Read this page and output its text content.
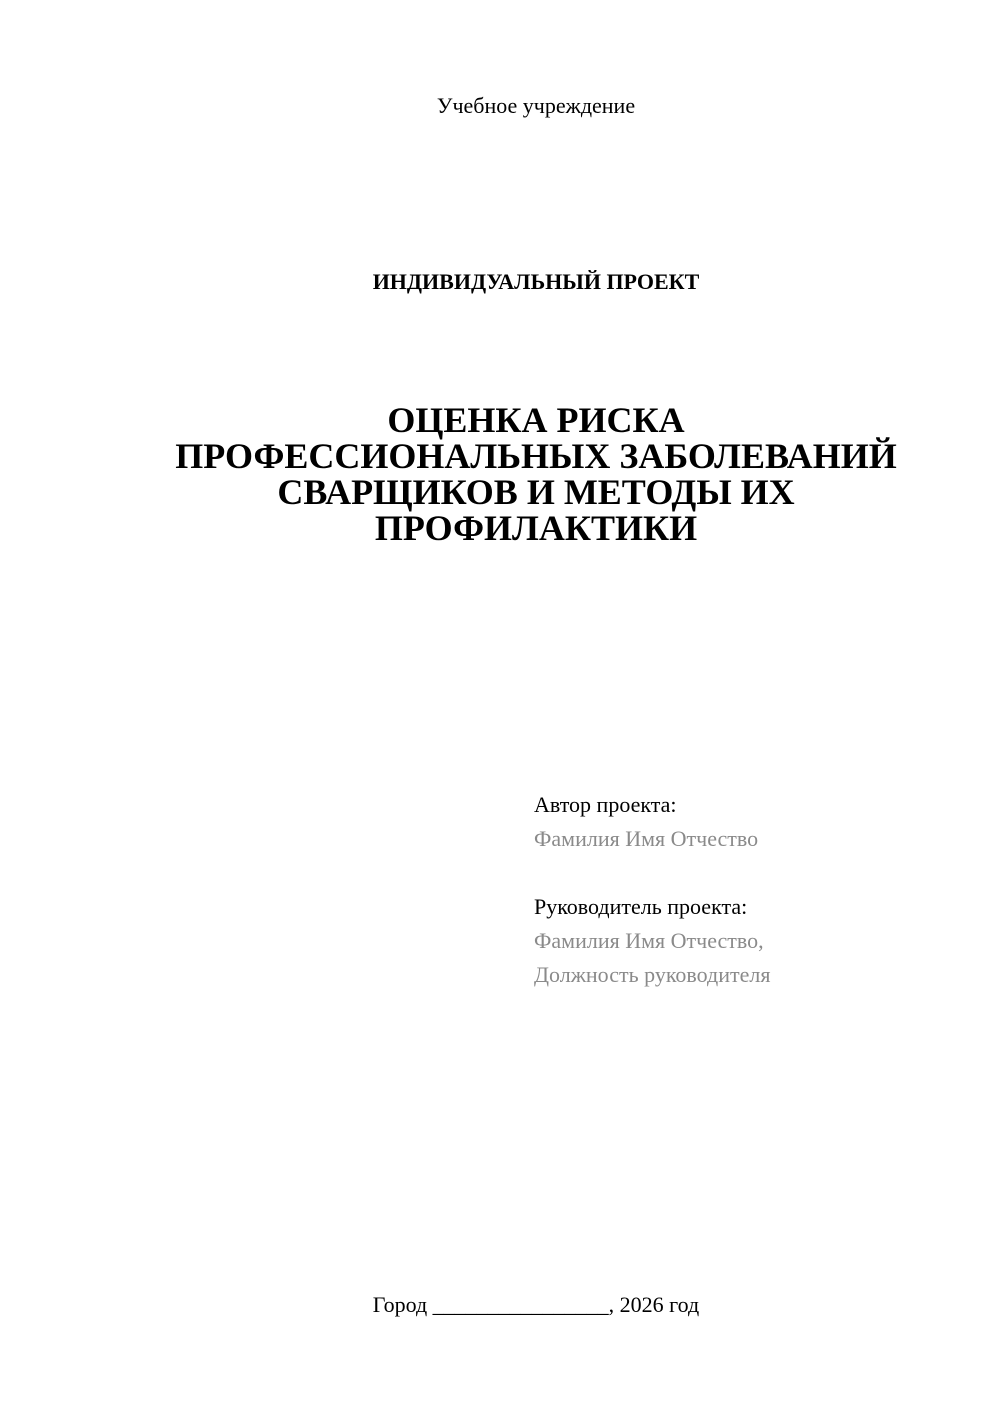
Учебное учреждение
ИНДИВИДУАЛЬНЫЙ ПРОЕКТ
ОЦЕНКА РИСКА
ПРОФЕССИОНАЛЬНЫХ ЗАБОЛЕВАНИЙ
СВАРЩИКОВ И МЕТОДЫ ИХ
ПРОФИЛАКТИКИ
Автор проекта:
Фамилия Имя Отчество
Руководитель проекта:
Фамилия Имя Отчество,
Должность руководителя
Город ________________, 2026 год
